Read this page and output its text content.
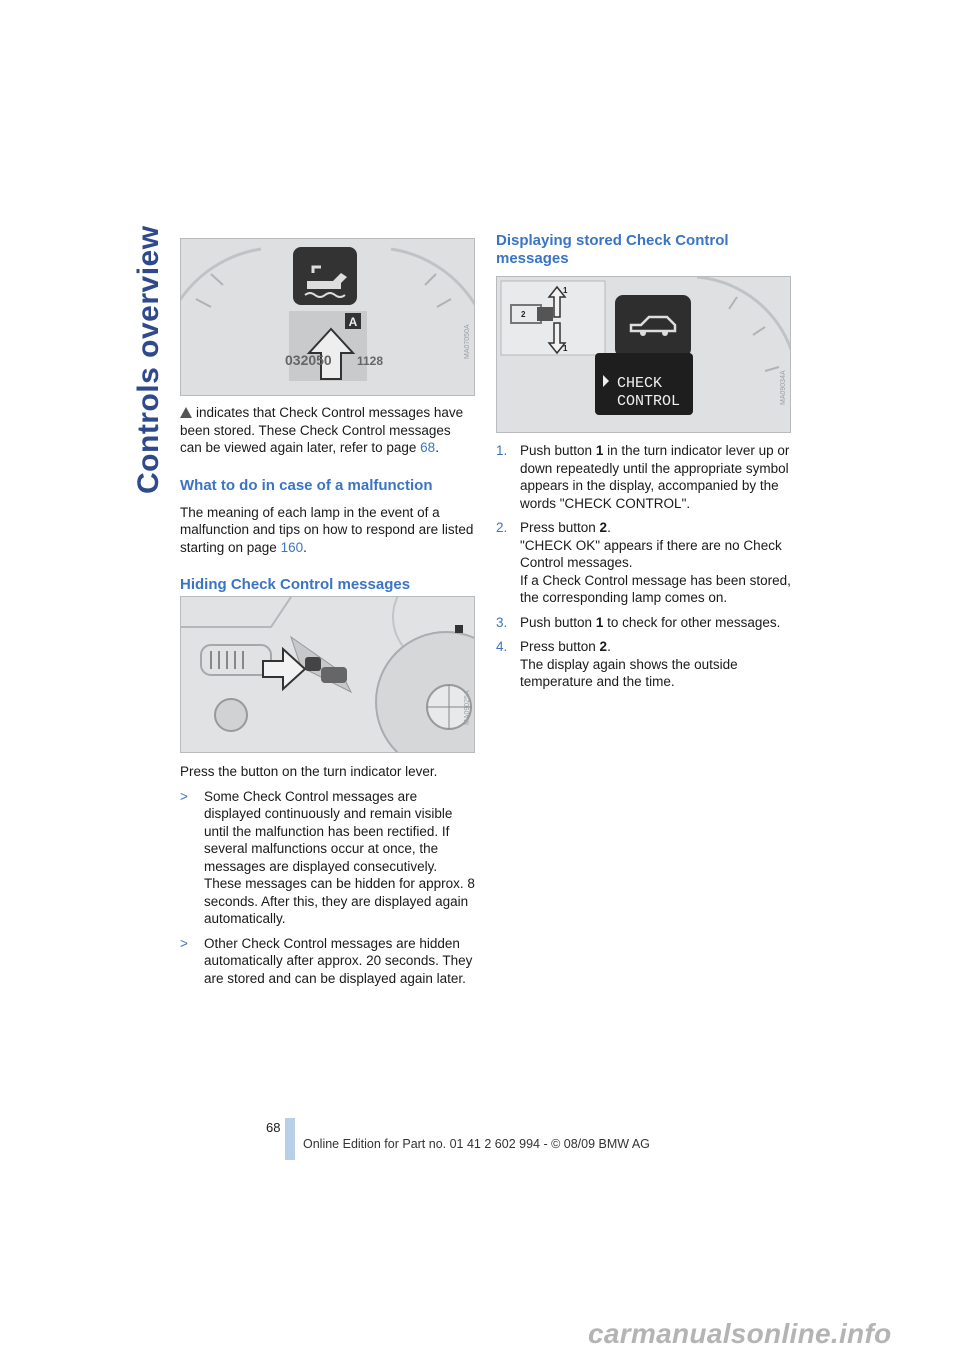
Controls overview	A
032050 1128
MA07050A

indicates that Check Control messages have been stored. These Check Control messages can be viewed again later, refer to page 68.

What to do in case of a malfunction

The meaning of each lamp in the event of a malfunction and tips on how to respond are listed starting on page 160.

Hiding Check Control messages
MA09025A

Press the button on the turn indicator lever.

> Some Check Control messages are displayed continuously and remain visible until the malfunction has been rectified. If several malfunctions occur at once, the messages are displayed consecutively.

These messages can be hidden for approx. 8 seconds. After this, they are displayed again automatically.

> Other Check Control messages are hidden automatically after approx. 20 seconds. They are stored and can be displayed again later.

Displaying stored Check Control messages
1
1
2
CHECK
CONTROL	MA09034A
1. Push button 1 in the turn indicator lever up or down repeatedly until the appropriate symbol appears in the display, accompanied by the words "CHECK CONTROL".

2. Press button 2.

"CHECK OK" appears if there are no Check Control messages.

If a Check Control message has been stored, the corresponding lamp comes on.

3. Push button 1 to check for other messages.

4. Press button 2.

The display again shows the outside temperature and the time.

68
Online Edition for Part no. 01 41 2 602 994 - © 08/09 BMW AG
carmanualsonline.info
